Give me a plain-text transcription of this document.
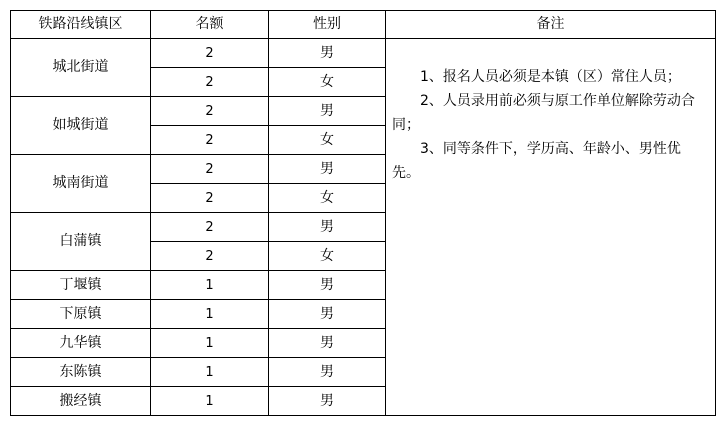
铁路沿线镇区	名额	性别	备注
城北街道	2	男	1、报名人员必须是本镇（区）常住人员；
2、人员录用前必须与原工作单位解除劳动合同；
3、同等条件下，学历高、年龄小、男性优先。

	2	女	
如城街道	2	男	
	2	女	
城南街道	2	男	
	2	女	
白蒲镇	2	男	
	2	女	
丁堰镇	1	男	
下原镇	1	男	
九华镇	1	男	
东陈镇	1	男	
搬经镇	1	男	
